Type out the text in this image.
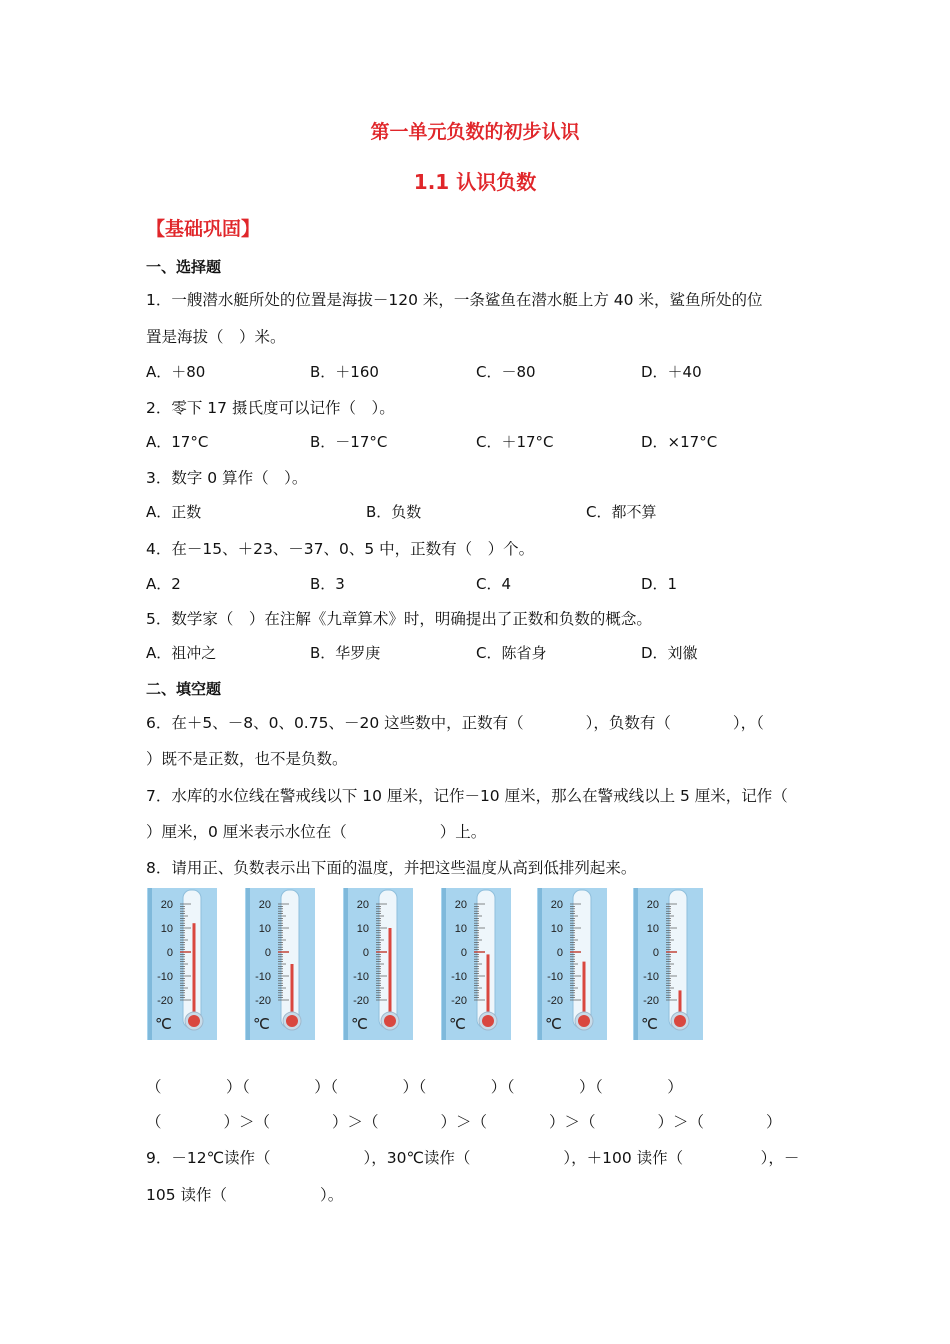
第一单元负数的初步认识
1.1 认识负数
【基础巩固】
一、选择题
1．一艘潜水艇所处的位置是海拔－120 米，一条鲨鱼在潜水艇上方 40 米，鲨鱼所处的位
置是海拔（　）米。
A．＋80	B．＋160	C．－80	D．＋40
2．零下 17 摄氏度可以记作（　）。
A．17°C	B．－17°C	C．＋17°C	D．×17°C
3．数字 0 算作（　）。
A．正数	B．负数	C．都不算
4．在－15、＋23、－37、0、5 中，正数有（　）个。
A．2	B．3	C．4	D．1
5．数学家（　）在注解《九章算术》时，明确提出了正数和负数的概念。
A．祖冲之	B．华罗庚	C．陈省身	D．刘徽
二、填空题
6．在＋5、－8、0、0.75、－20 这些数中，正数有（　　　　），负数有（　　　　），（
）既不是正数，也不是负数。
7．水库的水位线在警戒线以下 10 厘米，记作－10 厘米，那么在警戒线以上 5 厘米，记作（
）厘米，0 厘米表示水位在（　　　　　　）上。
8．请用正、负数表示出下面的温度，并把这些温度从高到低排列起来。
20
10
0
-10
-20
℃
20
10
0
-10
-20
℃
20
10
0
-10
-20
℃
20
10
0
-10
-20
℃
20
10
0
-10
-20
℃
20
10
0
-10
-20
℃
（　　　　）（　　　　）（　　　　）（　　　　）（　　　　）（　　　　）
（　　　　）＞（　　　　）＞（　　　　）＞（　　　　）＞（　　　　）＞（　　　　）
9．－12℃读作（　　　　　　），30℃读作（　　　　　　），＋100 读作（　　　　　），－
105 读作（　　　　　　）。
